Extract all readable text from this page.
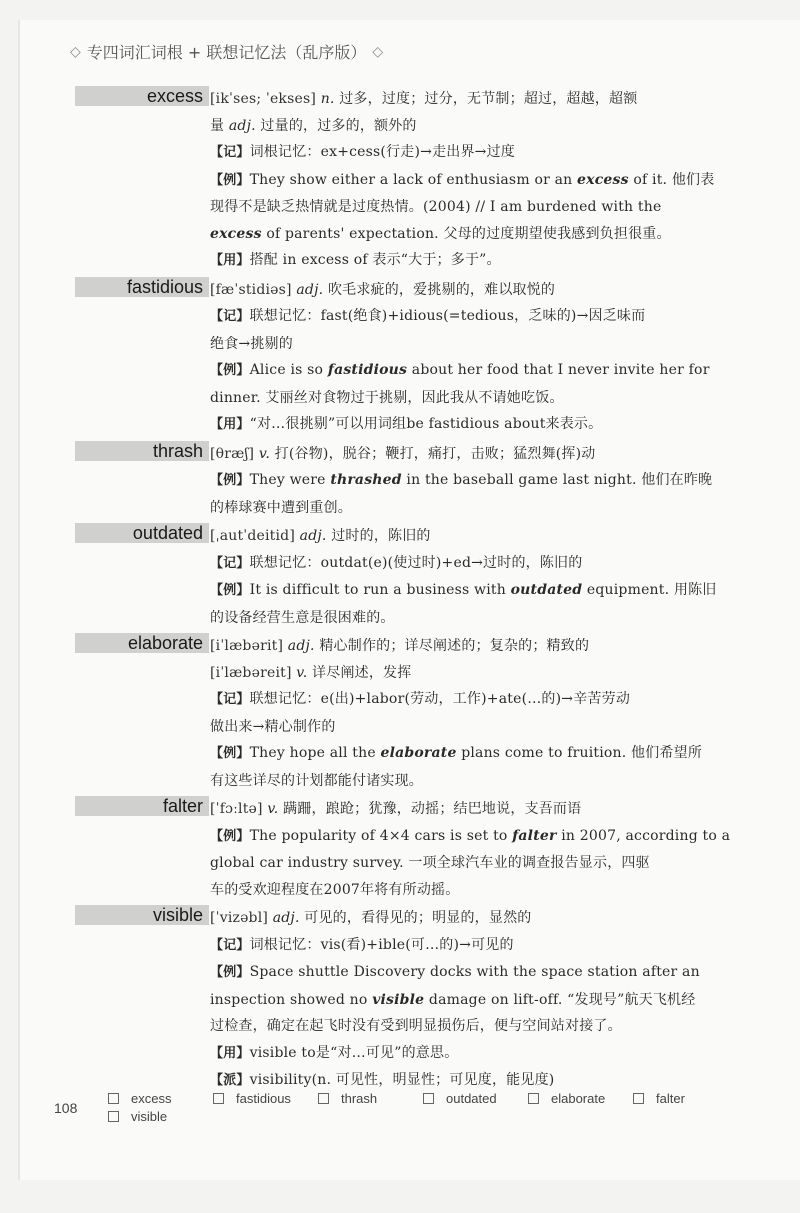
◇ 专四词汇词根 + 联想记忆法（乱序版） ◇
excess [ikˈses; ˈekses] n. 过多，过度；过分，无节制；超过，超越，超额
量 adj. 过量的，过多的，额外的
【记】词根记忆：ex+cess(行走)→走出界→过度
【例】They show either a lack of enthusiasm or an excess of it. 他们表
现得不是缺乏热情就是过度热情。(2004) // I am burdened with the
excess of parents' expectation. 父母的过度期望使我感到负担很重。
【用】搭配 in excess of 表示“大于；多于”。
fastidious [fæˈstidiəs] adj. 吹毛求疵的，爱挑剔的，难以取悦的
【记】联想记忆：fast(绝食)+idious(=tedious，乏味的)→因乏味而
绝食→挑剔的
【例】Alice is so fastidious about her food that I never invite her for
dinner. 艾丽丝对食物过于挑剔，因此我从不请她吃饭。
【用】“对…很挑剔”可以用词组be fastidious about来表示。
thrash [θræʃ] v. 打(谷物)，脱谷；鞭打，痛打，击败；猛烈舞(挥)动
【例】They were thrashed in the baseball game last night. 他们在昨晚
的棒球赛中遭到重创。
outdated [ˌautˈdeitid] adj. 过时的，陈旧的
【记】联想记忆：outdat(e)(使过时)+ed→过时的，陈旧的
【例】It is difficult to run a business with outdated equipment. 用陈旧
的设备经营生意是很困难的。
elaborate [iˈlæbərit] adj. 精心制作的；详尽阐述的；复杂的；精致的
[iˈlæbəreit] v. 详尽阐述，发挥
【记】联想记忆：e(出)+labor(劳动，工作)+ate(…的)→辛苦劳动
做出来→精心制作的
【例】They hope all the elaborate plans come to fruition. 他们希望所
有这些详尽的计划都能付诸实现。
falter [ˈfɔːltə] v. 蹒跚，踉跄；犹豫，动摇；结巴地说，支吾而语
【例】The popularity of 4×4 cars is set to falter in 2007, according to a
global car industry survey. 一项全球汽车业的调查报告显示，四驱
车的受欢迎程度在2007年将有所动摇。
visible [ˈvizəbl] adj. 可见的，看得见的；明显的，显然的
【记】词根记忆：vis(看)+ible(可…的)→可见的
【例】Space shuttle Discovery docks with the space station after an
inspection showed no visible damage on lift-off. “发现号”航天飞机经
过检查，确定在起飞时没有受到明显损伤后，便与空间站对接了。
【用】visible to是“对…可见”的意思。
【派】visibility(n. 可见性，明显性；可见度，能见度)
108
excess	fastidious	thrash	outdated	elaborate	faltervisible
